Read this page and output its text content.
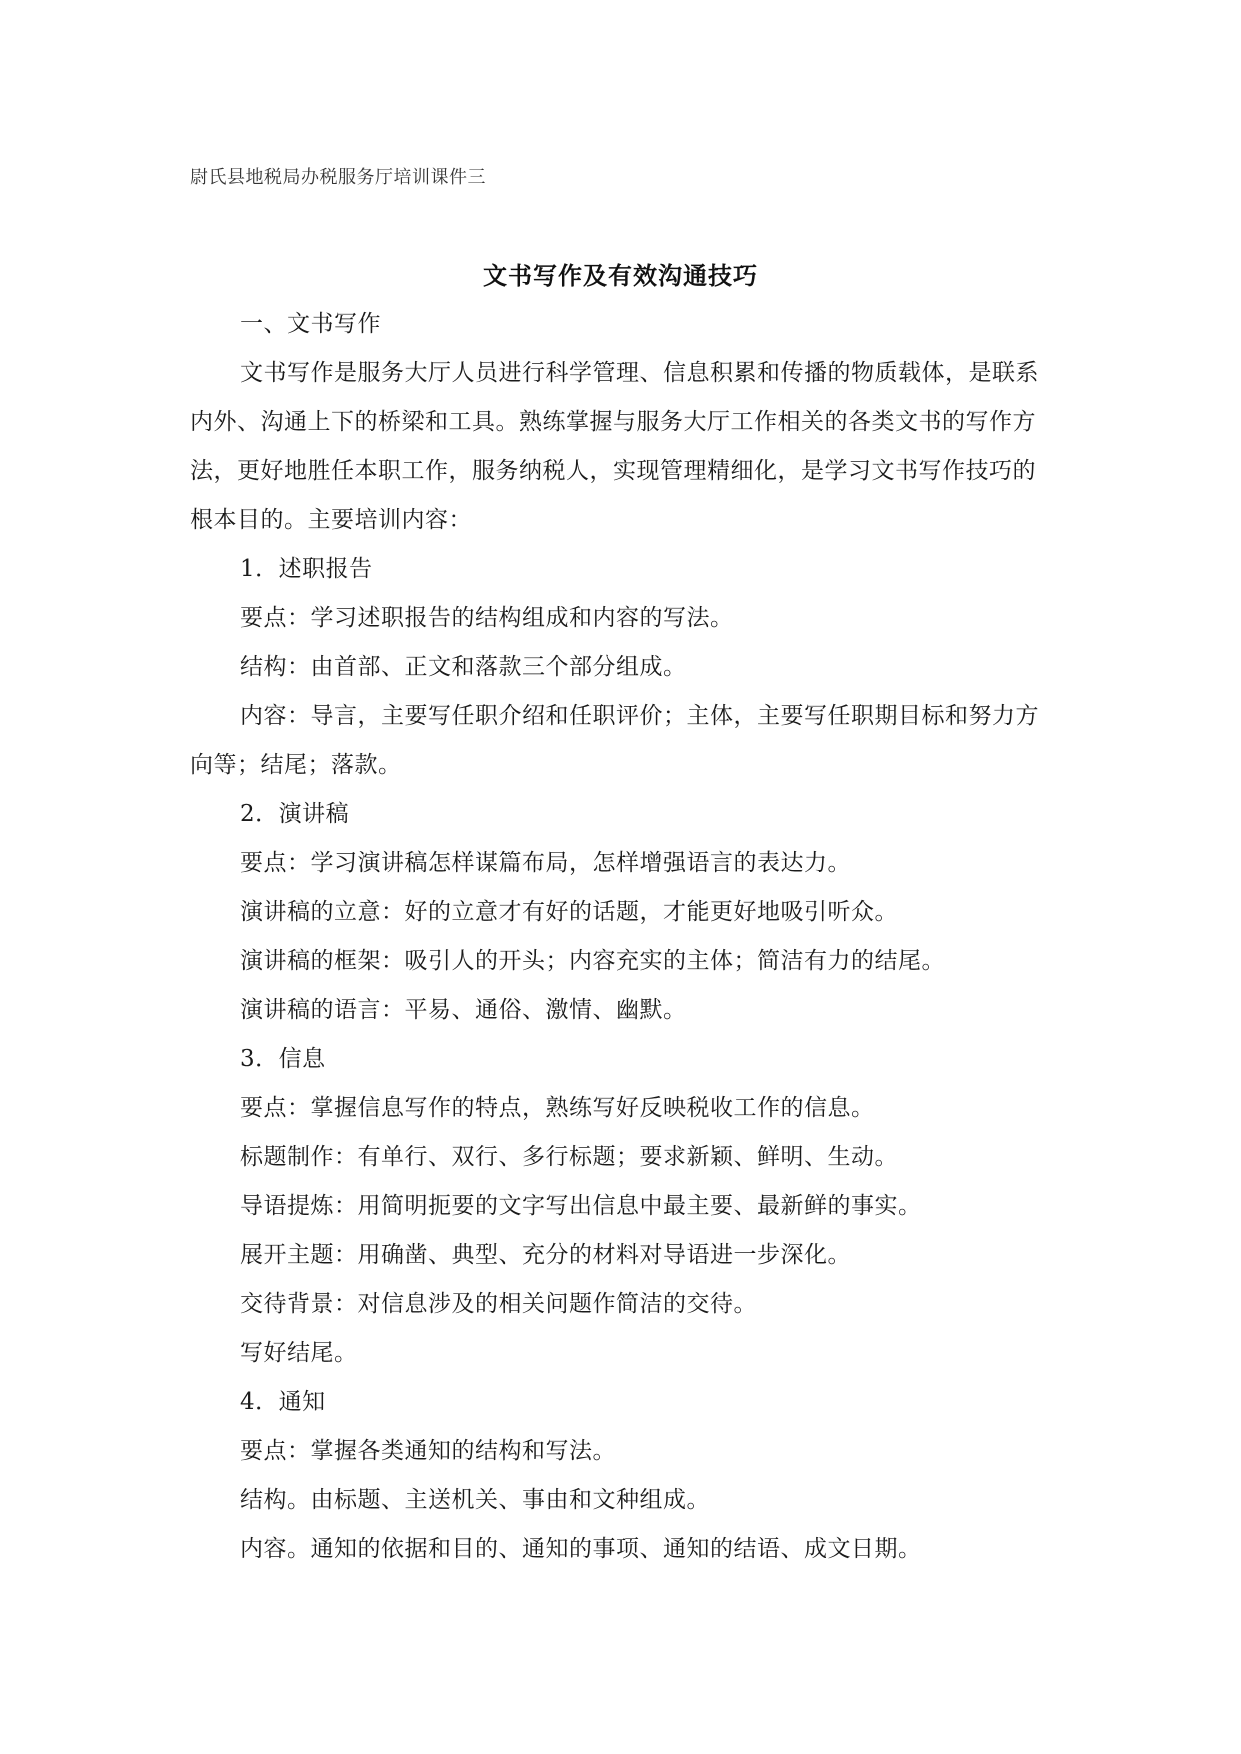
尉氏县地税局办税服务厅培训课件三
文书写作及有效沟通技巧

一、文书写作

文书写作是服务大厅人员进行科学管理、信息积累和传播的物质载体，是联系内外、沟通上下的桥梁和工具。熟练掌握与服务大厅工作相关的各类文书的写作方法，更好地胜任本职工作，服务纳税人，实现管理精细化，是学习文书写作技巧的根本目的。主要培训内容：

1．述职报告

要点：学习述职报告的结构组成和内容的写法。

结构：由首部、正文和落款三个部分组成。

内容：导言，主要写任职介绍和任职评价；主体，主要写任职期目标和努力方向等；结尾；落款。

2．演讲稿

要点：学习演讲稿怎样谋篇布局，怎样增强语言的表达力。

演讲稿的立意：好的立意才有好的话题，才能更好地吸引听众。

演讲稿的框架：吸引人的开头；内容充实的主体；简洁有力的结尾。

演讲稿的语言：平易、通俗、激情、幽默。

3．信息

要点：掌握信息写作的特点，熟练写好反映税收工作的信息。

标题制作：有单行、双行、多行标题；要求新颖、鲜明、生动。

导语提炼：用简明扼要的文字写出信息中最主要、最新鲜的事实。

展开主题：用确凿、典型、充分的材料对导语进一步深化。

交待背景：对信息涉及的相关问题作简洁的交待。

写好结尾。

4．通知

要点：掌握各类通知的结构和写法。

结构。由标题、主送机关、事由和文种组成。

内容。通知的依据和目的、通知的事项、通知的结语、成文日期。
